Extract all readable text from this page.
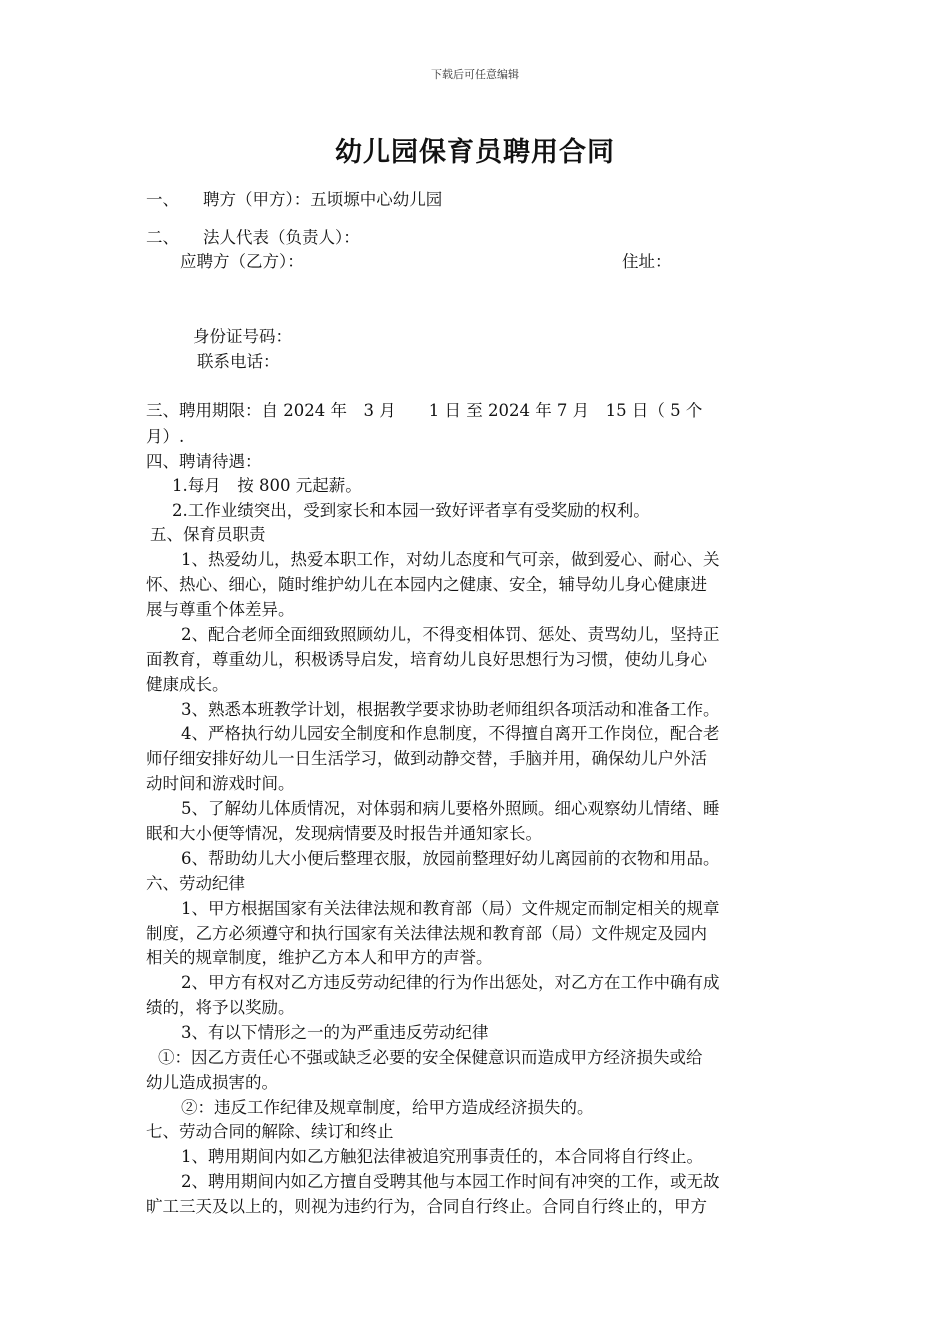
下载后可任意编辑
幼儿园保育员聘用合同
一、 聘方（甲方）：五顷塬中心幼儿园
二、 法人代表（负责人）：
应聘方（乙方）：	住址：
身份证号码：
联系电话：
三、聘用期限：自 2024 年　3 月　　1 日 至 2024 年 7 月　15 日（ 5 个
月）.
四、聘请待遇：
1.每月　按 800 元起薪。
2.工作业绩突出，受到家长和本园一致好评者享有受奖励的权利。
五、保育员职责
1、热爱幼儿，热爱本职工作，对幼儿态度和气可亲，做到爱心、耐心、关
怀、热心、细心，随时维护幼儿在本园内之健康、安全，辅导幼儿身心健康进
展与尊重个体差异。
2、配合老师全面细致照顾幼儿，不得变相体罚、惩处、责骂幼儿，坚持正
面教育，尊重幼儿，积极诱导启发，培育幼儿良好思想行为习惯，使幼儿身心
健康成长。
3、熟悉本班教学计划，根据教学要求协助老师组织各项活动和准备工作。
4、严格执行幼儿园安全制度和作息制度，不得擅自离开工作岗位，配合老
师仔细安排好幼儿一日生活学习，做到动静交替，手脑并用，确保幼儿户外活
动时间和游戏时间。
5、了解幼儿体质情况，对体弱和病儿要格外照顾。细心观察幼儿情绪、睡
眠和大小便等情况，发现病情要及时报告并通知家长。
6、帮助幼儿大小便后整理衣服，放园前整理好幼儿离园前的衣物和用品。
六、劳动纪律
1、甲方根据国家有关法律法规和教育部（局）文件规定而制定相关的规章
制度，乙方必须遵守和执行国家有关法律法规和教育部（局）文件规定及园内
相关的规章制度，维护乙方本人和甲方的声誉。
2、甲方有权对乙方违反劳动纪律的行为作出惩处，对乙方在工作中确有成
绩的，将予以奖励。
3、有以下情形之一的为严重违反劳动纪律
①：因乙方责任心不强或缺乏必要的安全保健意识而造成甲方经济损失或给
幼儿造成损害的。
②：违反工作纪律及规章制度，给甲方造成经济损失的。
七、劳动合同的解除、续订和终止
1、聘用期间内如乙方触犯法律被追究刑事责任的，本合同将自行终止。
2、聘用期间内如乙方擅自受聘其他与本园工作时间有冲突的工作，或无故
旷工三天及以上的，则视为违约行为，合同自行终止。合同自行终止的，甲方
